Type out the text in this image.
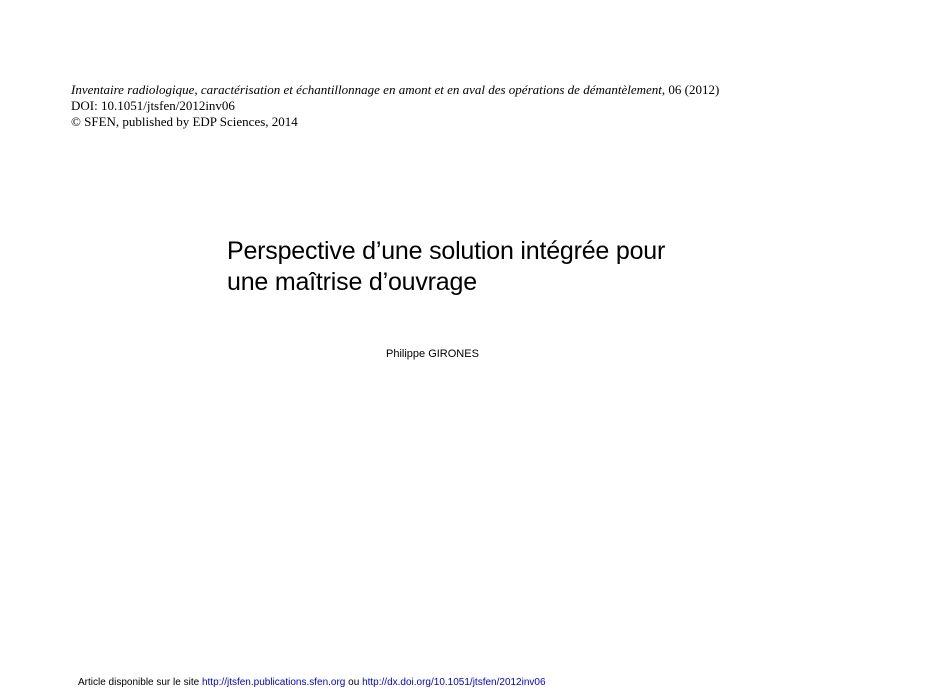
Inventaire radiologique, caractérisation et échantillonnage en amont et en aval des opérations de démantèlement, 06 (2012)
DOI: 10.1051/jtsfen/2012inv06
© SFEN, published by EDP Sciences, 2014
Perspective d’une solution intégrée pour
une maîtrise d’ouvrage
Philippe GIRONES
Article disponible sur le site http://jtsfen.publications.sfen.org ou http://dx.doi.org/10.1051/jtsfen/2012inv06
